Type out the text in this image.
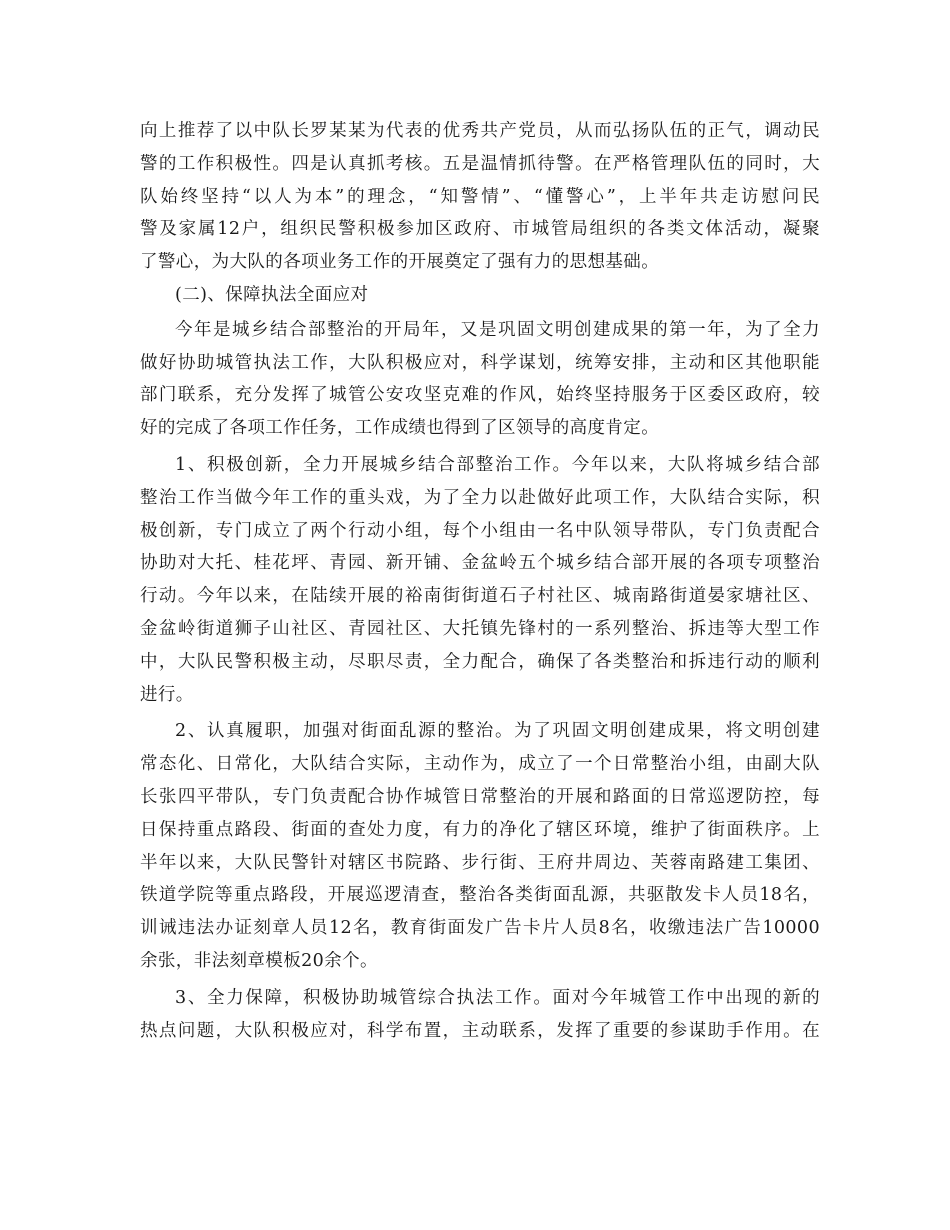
向上推荐了以中队长罗某某为代表的优秀共产党员，从而弘扬队伍的正气，调动民
警的工作积极性。四是认真抓考核。五是温情抓待警。在严格管理队伍的同时，大
队始终坚持“以人为本”的理念，“知警情”、“懂警心”，上半年共走访慰问民
警及家属12户，组织民警积极参加区政府、市城管局组织的各类文体活动，凝聚
了警心，为大队的各项业务工作的开展奠定了强有力的思想基础。
(二)、保障执法全面应对
今年是城乡结合部整治的开局年，又是巩固文明创建成果的第一年，为了全力
做好协助城管执法工作，大队积极应对，科学谋划，统筹安排，主动和区其他职能
部门联系，充分发挥了城管公安攻坚克难的作风，始终坚持服务于区委区政府，较
好的完成了各项工作任务，工作成绩也得到了区领导的高度肯定。
1、积极创新，全力开展城乡结合部整治工作。今年以来，大队将城乡结合部
整治工作当做今年工作的重头戏，为了全力以赴做好此项工作，大队结合实际，积
极创新，专门成立了两个行动小组，每个小组由一名中队领导带队，专门负责配合
协助对大托、桂花坪、青园、新开铺、金盆岭五个城乡结合部开展的各项专项整治
行动。今年以来，在陆续开展的裕南街街道石子村社区、城南路街道晏家塘社区、
金盆岭街道狮子山社区、青园社区、大托镇先锋村的一系列整治、拆违等大型工作
中，大队民警积极主动，尽职尽责，全力配合，确保了各类整治和拆违行动的顺利
进行。
2、认真履职，加强对街面乱源的整治。为了巩固文明创建成果，将文明创建
常态化、日常化，大队结合实际，主动作为，成立了一个日常整治小组，由副大队
长张四平带队，专门负责配合协作城管日常整治的开展和路面的日常巡逻防控，每
日保持重点路段、街面的查处力度，有力的净化了辖区环境，维护了街面秩序。上
半年以来，大队民警针对辖区书院路、步行街、王府井周边、芙蓉南路建工集团、
铁道学院等重点路段，开展巡逻清查，整治各类街面乱源，共驱散发卡人员18名，
训诫违法办证刻章人员12名，教育街面发广告卡片人员8名，收缴违法广告10000
余张，非法刻章模板20余个。
3、全力保障，积极协助城管综合执法工作。面对今年城管工作中出现的新的
热点问题，大队积极应对，科学布置，主动联系，发挥了重要的参谋助手作用。在
